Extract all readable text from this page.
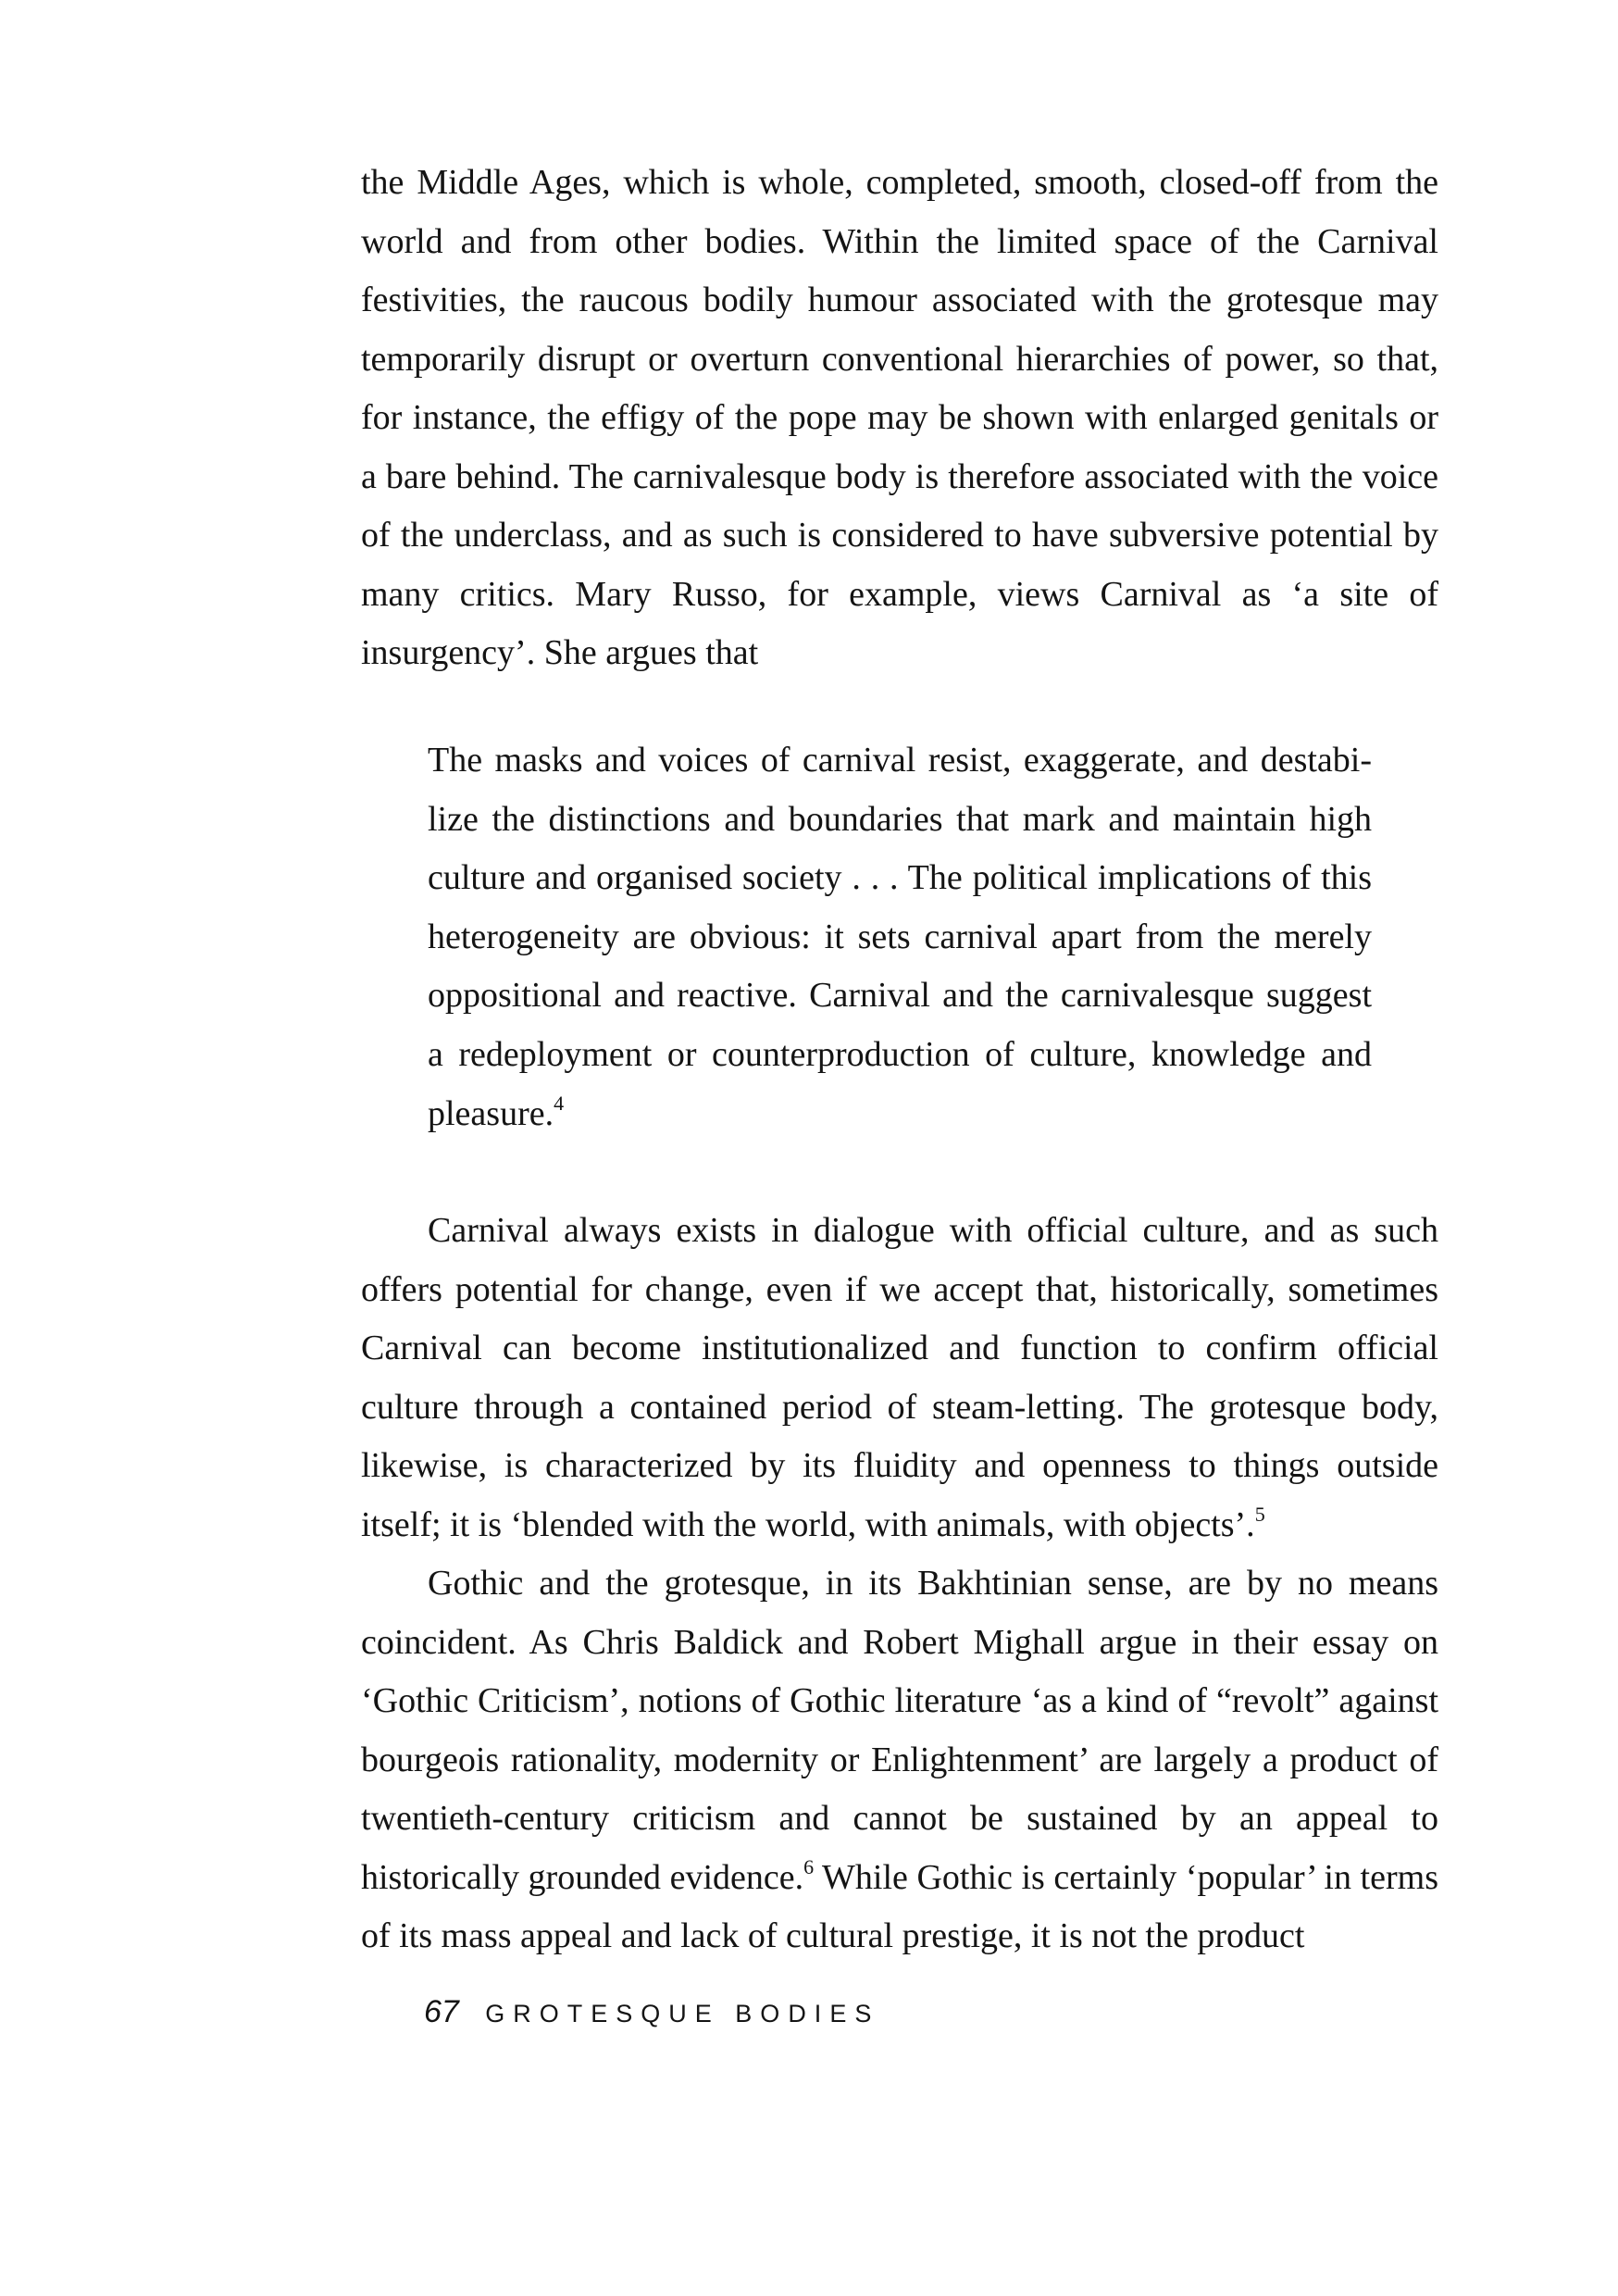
the Middle Ages, which is whole, completed, smooth, closed-off from the world and from other bodies. Within the limited space of the Carnival festivities, the raucous bodily humour associated with the grotesque may temporarily disrupt or overturn conventional hierarchies of power, so that, for instance, the effigy of the pope may be shown with enlarged genitals or a bare behind. The carnivalesque body is therefore associated with the voice of the underclass, and as such is considered to have subversive potential by many critics. Mary Russo, for example, views Carnival as ‘a site of insurgency’. She argues that

The masks and voices of carnival resist, exaggerate, and destabilize the distinctions and boundaries that mark and maintain high culture and organised society . . . The political implications of this heterogeneity are obvious: it sets carnival apart from the merely oppositional and reactive. Carnival and the carnivalesque suggest a redeployment or counterproduction of culture, knowledge and pleasure.$^4$

Carnival always exists in dialogue with official culture, and as such offers potential for change, even if we accept that, historically, sometimes Carnival can become institutionalized and function to confirm official culture through a contained period of steam-letting. The grotesque body, likewise, is characterized by its fluidity and openness to things outside itself; it is ‘blended with the world, with animals, with objects’.$^5$

Gothic and the grotesque, in its Bakhtinian sense, are by no means coincident. As Chris Baldick and Robert Mighall argue in their essay on ‘Gothic Criticism’, notions of Gothic literature ‘as a kind of “revolt” against bourgeois rationality, modernity or Enlightenment’ are largely a product of twentieth-century criticism and cannot be sustained by an appeal to historically grounded evidence.$^6$ While Gothic is certainly ‘popular’ in terms of its mass appeal and lack of cultural prestige, it is not the product

67 GROTESQUE BODIES
